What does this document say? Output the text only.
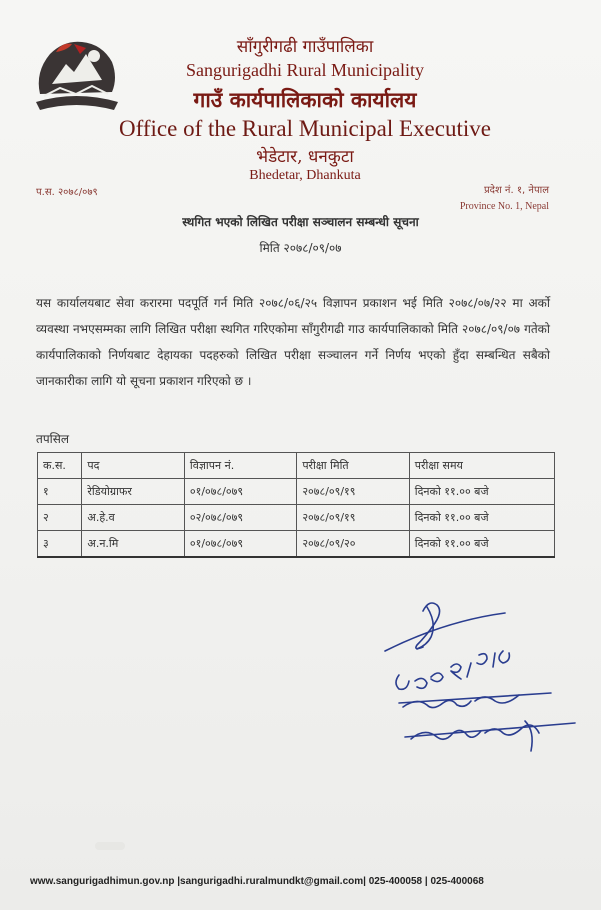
साँगुरीगढी गाउँपालिका
Sangurigadhi Rural Municipality
गाउँ कार्यपालिकाको कार्यालय
Office of the Rural Municipal Executive
भेडेटार, धनकुटा
Bhedetar, Dhankuta
प.स. २०७८/०७९	प्रदेश नं. १, नेपाल
Province No. 1, Nepal
स्थगित भएको लिखित परीक्षा सञ्चालन सम्बन्धी सूचना
मिति २०७८/०९/०७
यस कार्यालयबाट सेवा करारमा पदपूर्ति गर्न मिति २०७८/०६/२५ विज्ञापन प्रकाशन भई मिति २०७८/०७/२२ मा अर्को व्यवस्था नभएसम्मका लागि लिखित परीक्षा स्थगित गरिएकोमा साँगुरीगढी गाउ कार्यपालिकाको मिति २०७८/०९/०७ गतेको कार्यपालिकाको निर्णयबाट देहायका पदहरुको लिखित परीक्षा सञ्चालन गर्ने निर्णय भएको हुँदा सम्बन्धित सबैको जानकारीका लागि यो सूचना प्रकाशन गरिएको छ ।
तपसिल
क.स.	पद	विज्ञापन नं.	परीक्षा मिति	परीक्षा समय
१	रेडियोग्राफर	०१/०७८/०७९	२०७८/०९/१९	दिनको ११.०० बजे
२	अ.हे.व	०२/०७८/०७९	२०७८/०९/१९	दिनको ११.०० बजे
३	अ.न.मि	०१/०७८/०७९	२०७८/०९/२०	दिनको ११.०० बजे
www.sangurigadhimun.gov.np |sangurigadhi.ruralmundkt@gmail.com| 025-400058 | 025-400068
